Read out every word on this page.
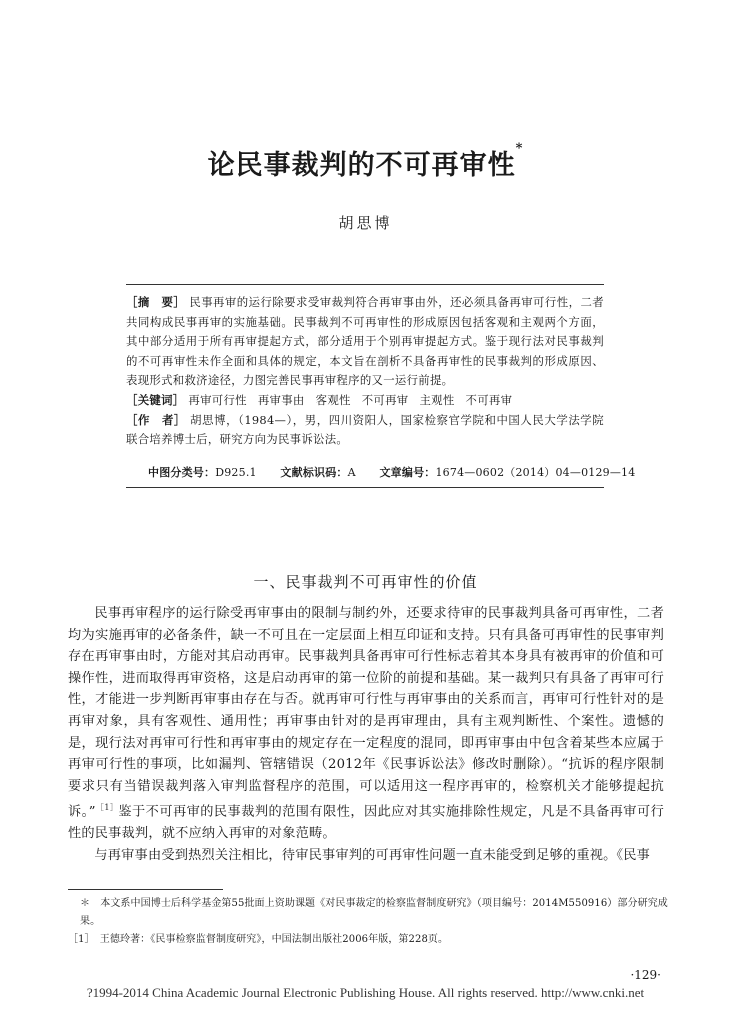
论民事裁判的不可再审性*
胡思博

［摘　要］ 民事再审的运行除要求受审裁判符合再审事由外，还必须具备再审可行性，二者共同构成民事再审的实施基础。民事裁判不可再审性的形成原因包括客观和主观两个方面，其中部分适用于所有再审提起方式，部分适用于个别再审提起方式。鉴于现行法对民事裁判的不可再审性未作全面和具体的规定，本文旨在剖析不具备再审性的民事裁判的形成原因、表现形式和救济途径，力图完善民事再审程序的又一运行前提。

［关键词］ 再审可行性 再审事由 客观性 不可再审 主观性 不可再审

［作　者］ 胡思博，（1984—），男，四川资阳人，国家检察官学院和中国人民大学法学院联合培养博士后，研究方向为民事诉讼法。

中图分类号：D925.1 文献标识码：A 文章编号：1674—0602（2014）04—0129—14
一、民事裁判不可再审性的价值

民事再审程序的运行除受再审事由的限制与制约外，还要求待审的民事裁判具备可再审性，二者均为实施再审的必备条件，缺一不可且在一定层面上相互印证和支持。只有具备可再审性的民事审判存在再审事由时，方能对其启动再审。民事裁判具备再审可行性标志着其本身具有被再审的价值和可操作性，进而取得再审资格，这是启动再审的第一位阶的前提和基础。某一裁判只有具备了再审可行性，才能进一步判断再审事由存在与否。就再审可行性与再审事由的关系而言，再审可行性针对的是再审对象，具有客观性、通用性；再审事由针对的是再审理由，具有主观判断性、个案性。遗憾的是，现行法对再审可行性和再审事由的规定存在一定程度的混同，即再审事由中包含着某些本应属于再审可行性的事项，比如漏判、管辖错误（2012年《民事诉讼法》修改时删除）。“抗诉的程序限制要求只有当错误裁判落入审判监督程序的范围，可以适用这一程序再审的，检察机关才能够提起抗诉。”$^{[1]}$鉴于不可再审的民事裁判的范围有限性，因此应对其实施排除性规定，凡是不具备再审可行性的民事裁判，就不应纳入再审的对象范畴。

与再审事由受到热烈关注相比，待审民事审判的可再审性问题一直未能受到足够的重视。《民事

＊　 本文系中国博士后科学基金第55批面上资助课题《对民事裁定的检察监督制度研究》（项目编号：2014M550916）部分研究成果。

［1］　 王德玲著：《民事检察监督制度研究》，中国法制出版社2006年版，第228页。

·129·
?1994-2014 China Academic Journal Electronic Publishing House. All rights reserved. http://www.cnki.net
